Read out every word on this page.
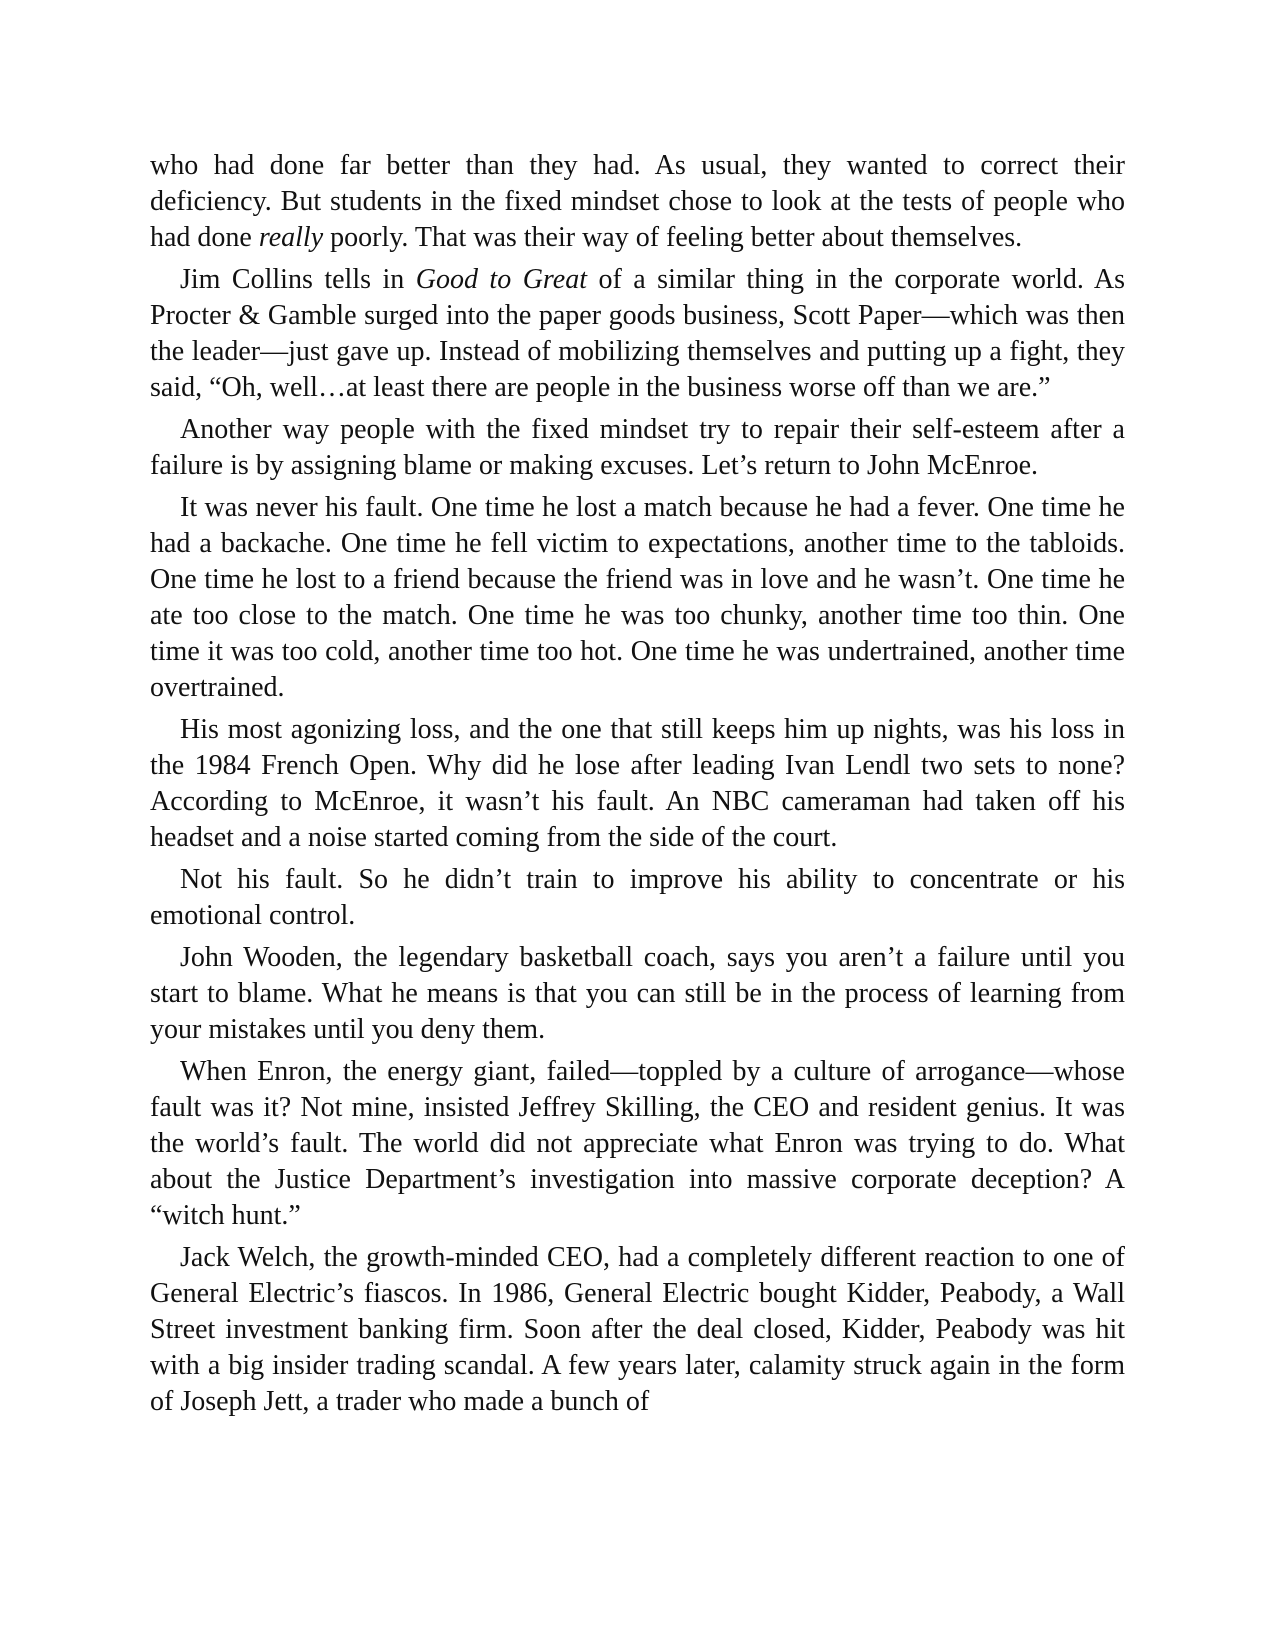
who had done far better than they had. As usual, they wanted to correct their deficiency. But students in the fixed mindset chose to look at the tests of people who had done really poorly. That was their way of feeling better about themselves.

Jim Collins tells in Good to Great of a similar thing in the corporate world. As Procter & Gamble surged into the paper goods business, Scott Paper—which was then the leader—just gave up. Instead of mobilizing themselves and putting up a fight, they said, “Oh, well…at least there are people in the business worse off than we are.”

Another way people with the fixed mindset try to repair their self-esteem after a failure is by assigning blame or making excuses. Let’s return to John McEnroe.

It was never his fault. One time he lost a match because he had a fever. One time he had a backache. One time he fell victim to expectations, another time to the tabloids. One time he lost to a friend because the friend was in love and he wasn’t. One time he ate too close to the match. One time he was too chunky, another time too thin. One time it was too cold, another time too hot. One time he was undertrained, another time overtrained.

His most agonizing loss, and the one that still keeps him up nights, was his loss in the 1984 French Open. Why did he lose after leading Ivan Lendl two sets to none? According to McEnroe, it wasn’t his fault. An NBC cameraman had taken off his headset and a noise started coming from the side of the court.

Not his fault. So he didn’t train to improve his ability to concentrate or his emotional control.

John Wooden, the legendary basketball coach, says you aren’t a failure until you start to blame. What he means is that you can still be in the process of learning from your mistakes until you deny them.

When Enron, the energy giant, failed—toppled by a culture of arrogance—whose fault was it? Not mine, insisted Jeffrey Skilling, the CEO and resident genius. It was the world’s fault. The world did not appreciate what Enron was trying to do. What about the Justice Department’s investigation into massive corporate deception? A “witch hunt.”

Jack Welch, the growth-minded CEO, had a completely different reaction to one of General Electric’s fiascos. In 1986, General Electric bought Kidder, Peabody, a Wall Street investment banking firm. Soon after the deal closed, Kidder, Peabody was hit with a big insider trading scandal. A few years later, calamity struck again in the form of Joseph Jett, a trader who made a bunch of
